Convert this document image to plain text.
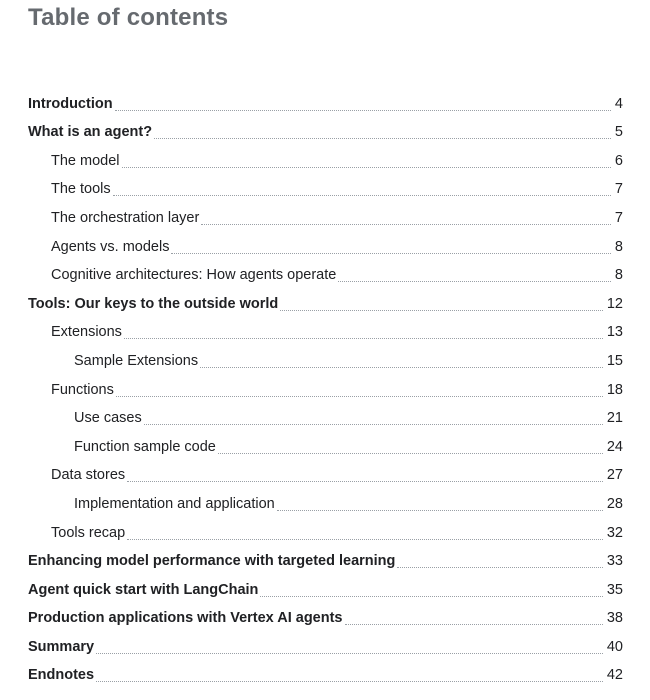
Table of contents
Introduction	4
What is an agent?	5
The model	6
The tools	7
The orchestration layer	7
Agents vs. models	8
Cognitive architectures: How agents operate	8
Tools: Our keys to the outside world	12
Extensions	13
Sample Extensions	15
Functions	18
Use cases	21
Function sample code	24
Data stores	27
Implementation and application	28
Tools recap	32
Enhancing model performance with targeted learning	33
Agent quick start with LangChain	35
Production applications with Vertex AI agents	38
Summary	40
Endnotes	42
